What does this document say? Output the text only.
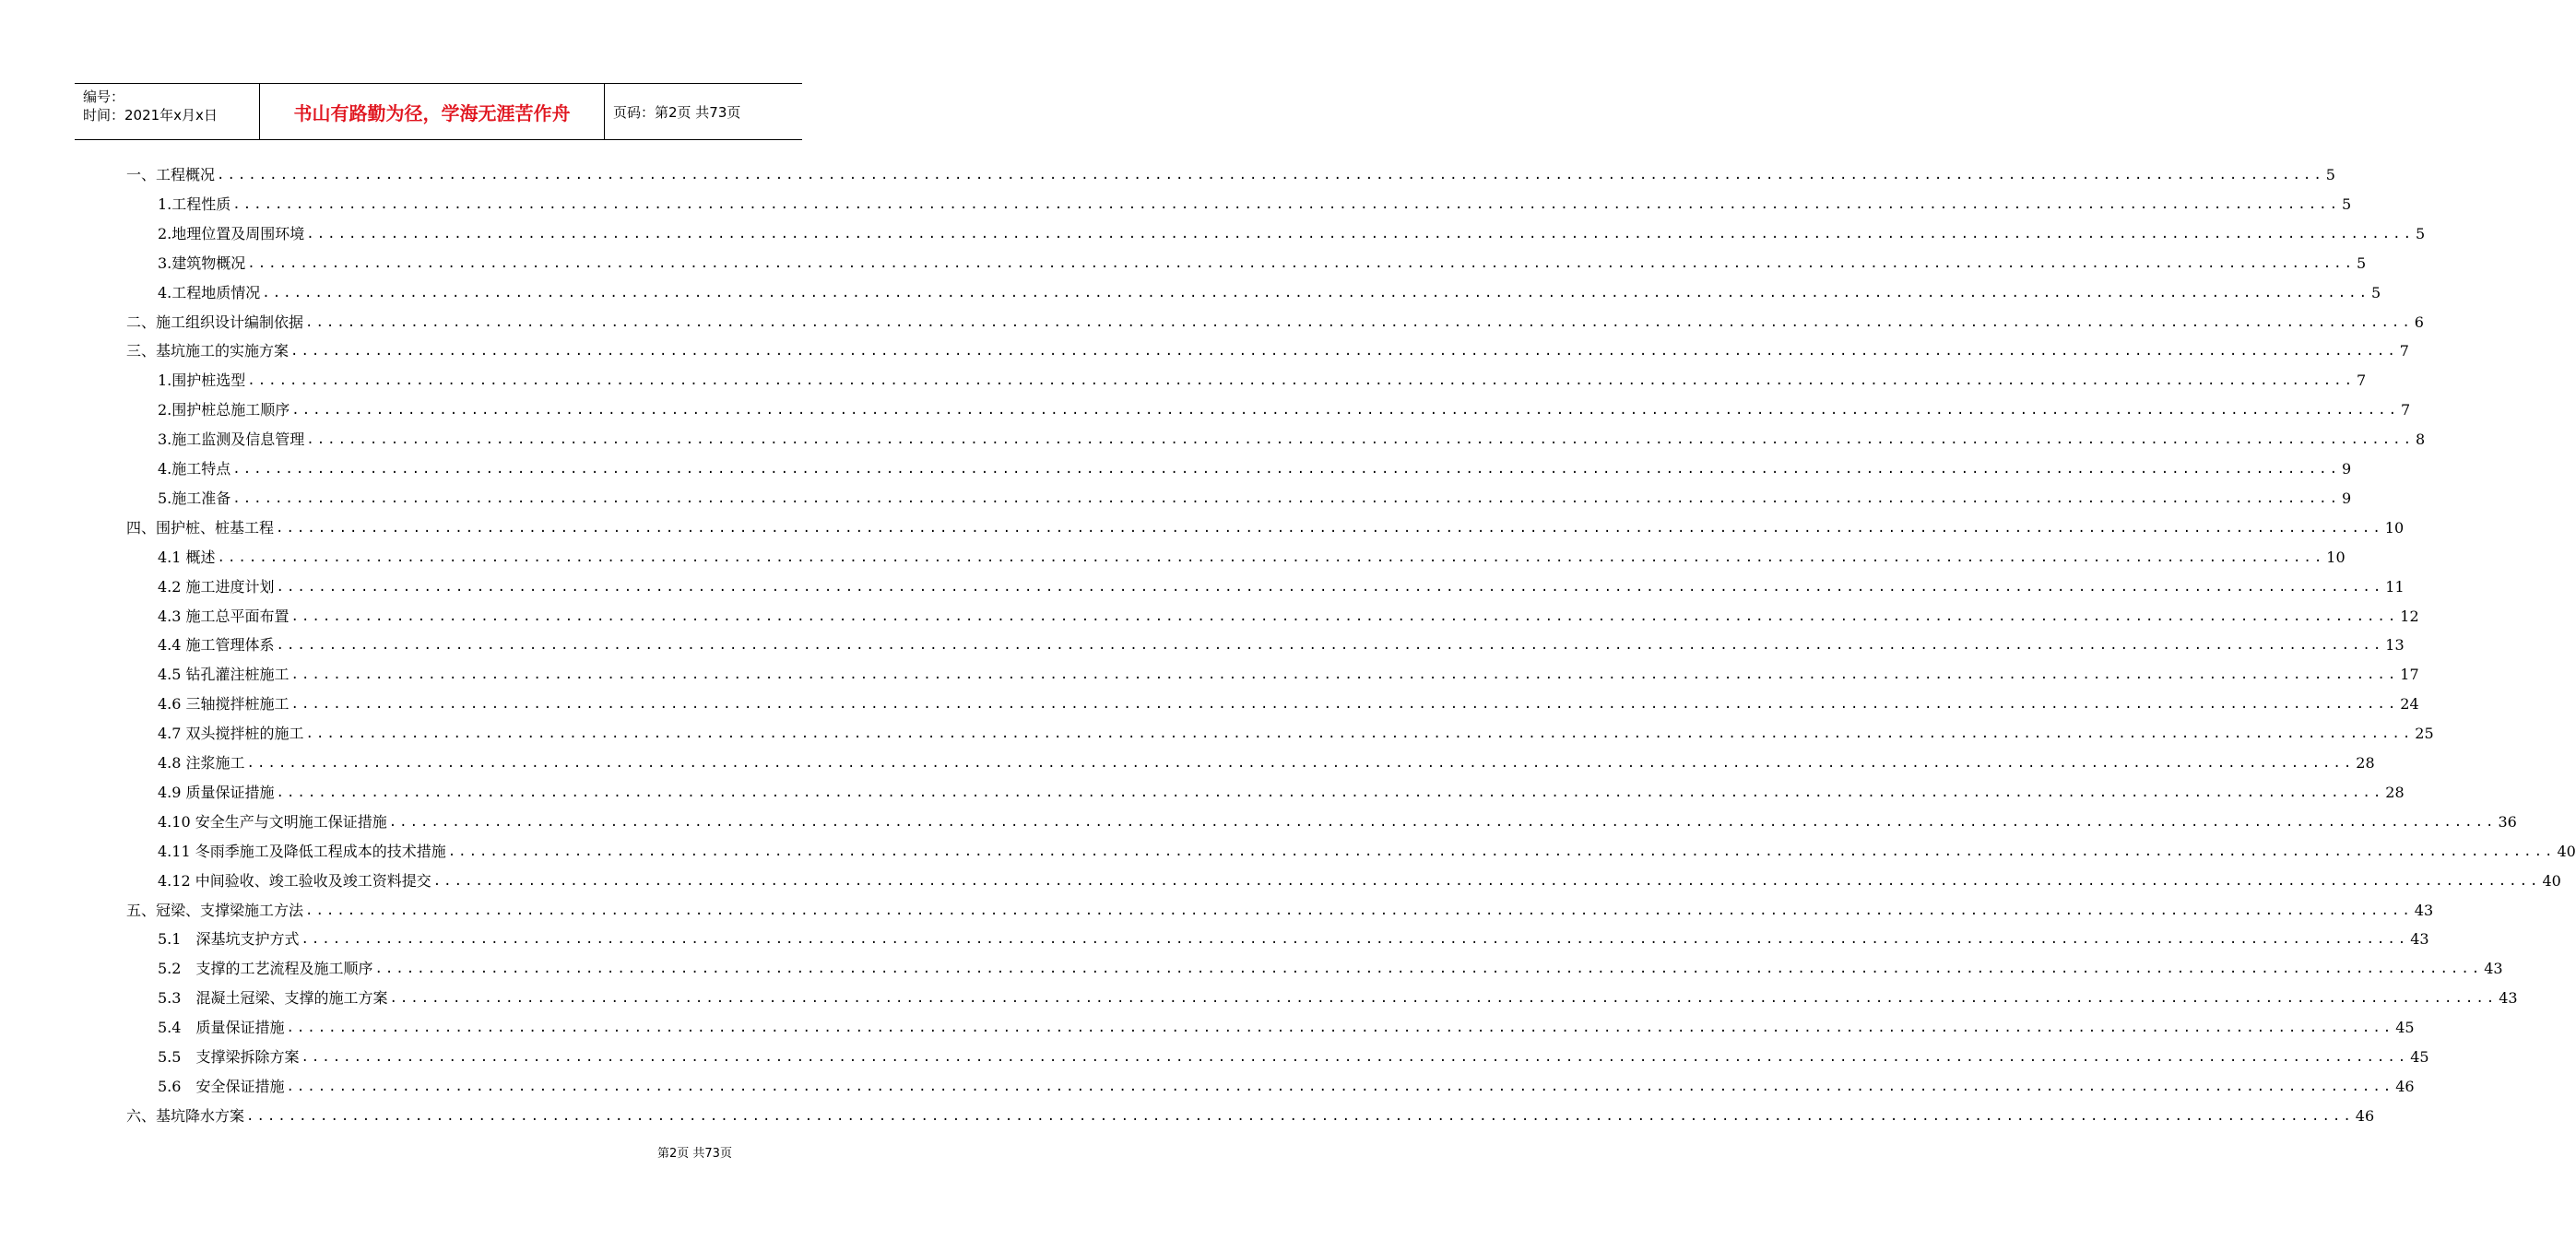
编号：
时间：2021年x月x日	书山有路勤为径，学海无涯苦作舟	页码：第2页 共73页
一、工程概况 ........................................................................................................................................................................................................ 5
1.工程性质 ........................................................................................................................................................................................................ 5
2.地理位置及周围环境 ........................................................................................................................................................................................................ 5
3.建筑物概况 ........................................................................................................................................................................................................ 5
4.工程地质情况 ........................................................................................................................................................................................................ 5
二、施工组织设计编制依据 ........................................................................................................................................................................................................ 6
三、基坑施工的实施方案 ........................................................................................................................................................................................................ 7
1.围护桩选型 ........................................................................................................................................................................................................ 7
2.围护桩总施工顺序 ........................................................................................................................................................................................................ 7
3.施工监测及信息管理 ........................................................................................................................................................................................................ 8
4.施工特点 ........................................................................................................................................................................................................ 9
5.施工准备 ........................................................................................................................................................................................................ 9
四、围护桩、桩基工程 ........................................................................................................................................................................................................ 10
4.1 概述 ........................................................................................................................................................................................................ 10
4.2 施工进度计划 ........................................................................................................................................................................................................ 11
4.3 施工总平面布置 ........................................................................................................................................................................................................ 12
4.4 施工管理体系 ........................................................................................................................................................................................................ 13
4.5 钻孔灌注桩施工 ........................................................................................................................................................................................................ 17
4.6 三轴搅拌桩施工 ........................................................................................................................................................................................................ 24
4.7 双头搅拌桩的施工 ........................................................................................................................................................................................................ 25
4.8 注浆施工 ........................................................................................................................................................................................................ 28
4.9 质量保证措施 ........................................................................................................................................................................................................ 28
4.10 安全生产与文明施工保证措施 ........................................................................................................................................................................................................ 36
4.11 冬雨季施工及降低工程成本的技术措施 ........................................................................................................................................................................................................ 40
4.12 中间验收、竣工验收及竣工资料提交 ........................................................................................................................................................................................................ 40
五、冠梁、支撑梁施工方法 ........................................................................................................................................................................................................ 43
5.1　深基坑支护方式 ........................................................................................................................................................................................................ 43
5.2　支撑的工艺流程及施工顺序 ........................................................................................................................................................................................................ 43
5.3　混凝土冠梁、支撑的施工方案 ........................................................................................................................................................................................................ 43
5.4　质量保证措施 ........................................................................................................................................................................................................ 45
5.5　支撑梁拆除方案 ........................................................................................................................................................................................................ 45
5.6　安全保证措施 ........................................................................................................................................................................................................ 46
六、基坑降水方案 ........................................................................................................................................................................................................ 46
第2页 共73页
